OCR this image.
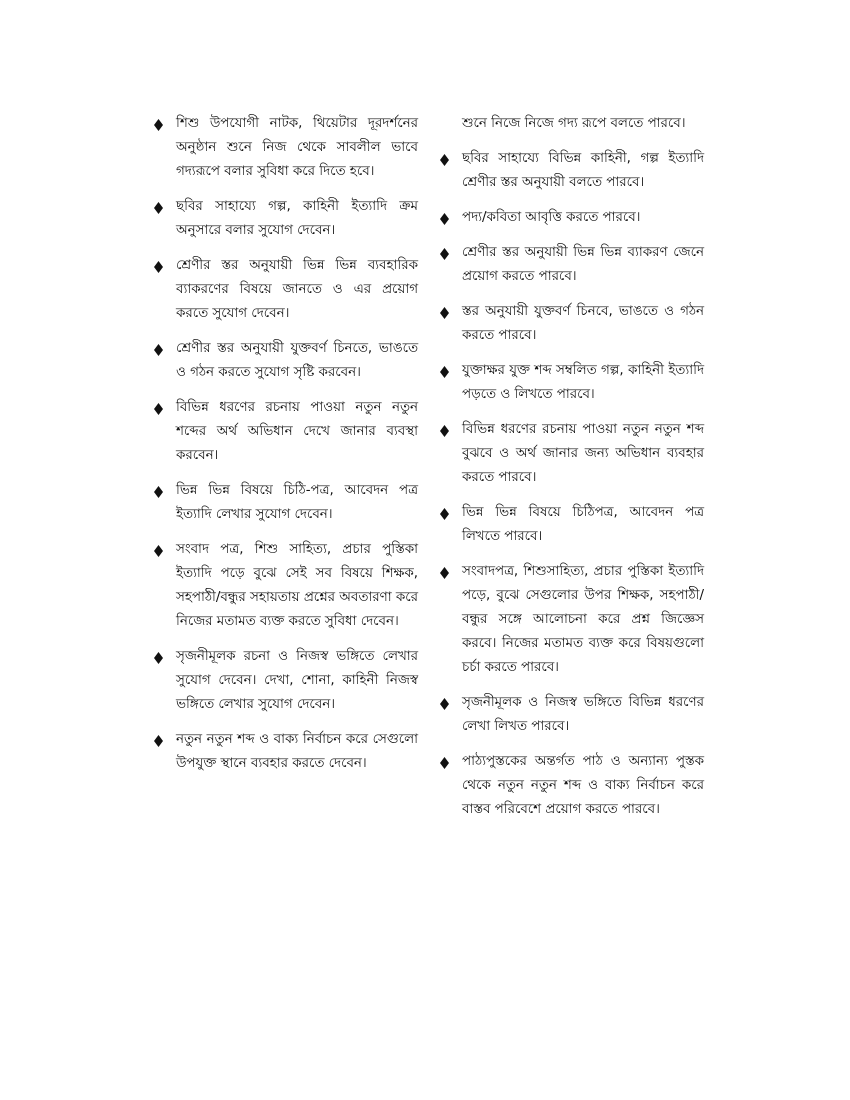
শিশু উপযোগী নাটক, থিয়েটার দূরদর্শনের অনুষ্ঠান শুনে নিজ থেকে সাবলীল ভাবে গদ্যরূপে বলার সুবিধা করে দিতে হবে।
ছবির সাহায্যে গল্প, কাহিনী ইত্যাদি ক্রম অনুসারে বলার সুযোগ দেবেন।
শ্রেণীর স্তর অনুযায়ী ভিন্ন ভিন্ন ব্যবহারিক ব্যাকরণের বিষয়ে জানতে ও এর প্রয়োগ করতে সুযোগ দেবেন।
শ্রেণীর স্তর অনুযায়ী যুক্তবর্ণ চিনতে, ভাঙতে ও গঠন করতে সুযোগ সৃষ্টি করবেন।
বিভিন্ন ধরণের রচনায় পাওয়া নতুন নতুন শব্দের অর্থ অভিধান দেখে জানার ব্যবস্থা করবেন।
ভিন্ন ভিন্ন বিষয়ে চিঠি-পত্র, আবেদন পত্র ইত্যাদি লেখার সুযোগ দেবেন।
সংবাদ পত্র, শিশু সাহিত্য, প্রচার পুস্তিকা ইত্যাদি পড়ে বুঝে সেই সব বিষয়ে শিক্ষক, সহপাঠী/বন্ধুর সহায়তায় প্রশ্নের অবতারণা করে নিজের মতামত ব্যক্ত করতে সুবিধা দেবেন।
সৃজনীমূলক রচনা ও নিজস্ব ভঙ্গিতে লেখার সুযোগ দেবেন। দেখা, শোনা, কাহিনী নিজস্ব ভঙ্গিতে লেখার সুযোগ দেবেন।
নতুন নতুন শব্দ ও বাক্য নির্বাচন করে সেগুলো উপযুক্ত স্থানে ব্যবহার করতে দেবেন।
শুনে নিজে নিজে গদ্য রূপে বলতে পারবে।
ছবির সাহায্যে বিভিন্ন কাহিনী, গল্প ইত্যাদি শ্রেণীর স্তর অনুযায়ী বলতে পারবে।
পদ্য/কবিতা আবৃত্তি করতে পারবে।
শ্রেণীর স্তর অনুযায়ী ভিন্ন ভিন্ন ব্যাকরণ জেনে প্রয়োগ করতে পারবে।
স্তর অনুযায়ী যুক্তবর্ণ চিনবে, ভাঙতে ও গঠন করতে পারবে।
যুক্তাক্ষর যুক্ত শব্দ সম্বলিত গল্প, কাহিনী ইত্যাদি পড়তে ও লিখতে পারবে।
বিভিন্ন ধরণের রচনায় পাওয়া নতুন নতুন শব্দ বুঝবে ও অর্থ জানার জন্য অভিধান ব্যবহার করতে পারবে।
ভিন্ন ভিন্ন বিষয়ে চিঠিপত্র, আবেদন পত্র লিখতে পারবে।
সংবাদপত্র, শিশুসাহিত্য, প্রচার পুস্তিকা ইত্যাদি পড়ে, বুঝে সেগুলোর উপর শিক্ষক, সহপাঠী/বন্ধুর সঙ্গে আলোচনা করে প্রশ্ন জিজ্ঞেস করবে। নিজের মতামত ব্যক্ত করে বিষয়গুলো চর্চা করতে পারবে।
সৃজনীমূলক ও নিজস্ব ভঙ্গিতে বিভিন্ন ধরণের লেখা লিখত পারবে।
পাঠ্যপুস্তকের অন্তর্গত পাঠ ও অন্যান্য পুস্তক থেকে নতুন নতুন শব্দ ও বাক্য নির্বাচন করে বাস্তব পরিবেশে প্রয়োগ করতে পারবে।
